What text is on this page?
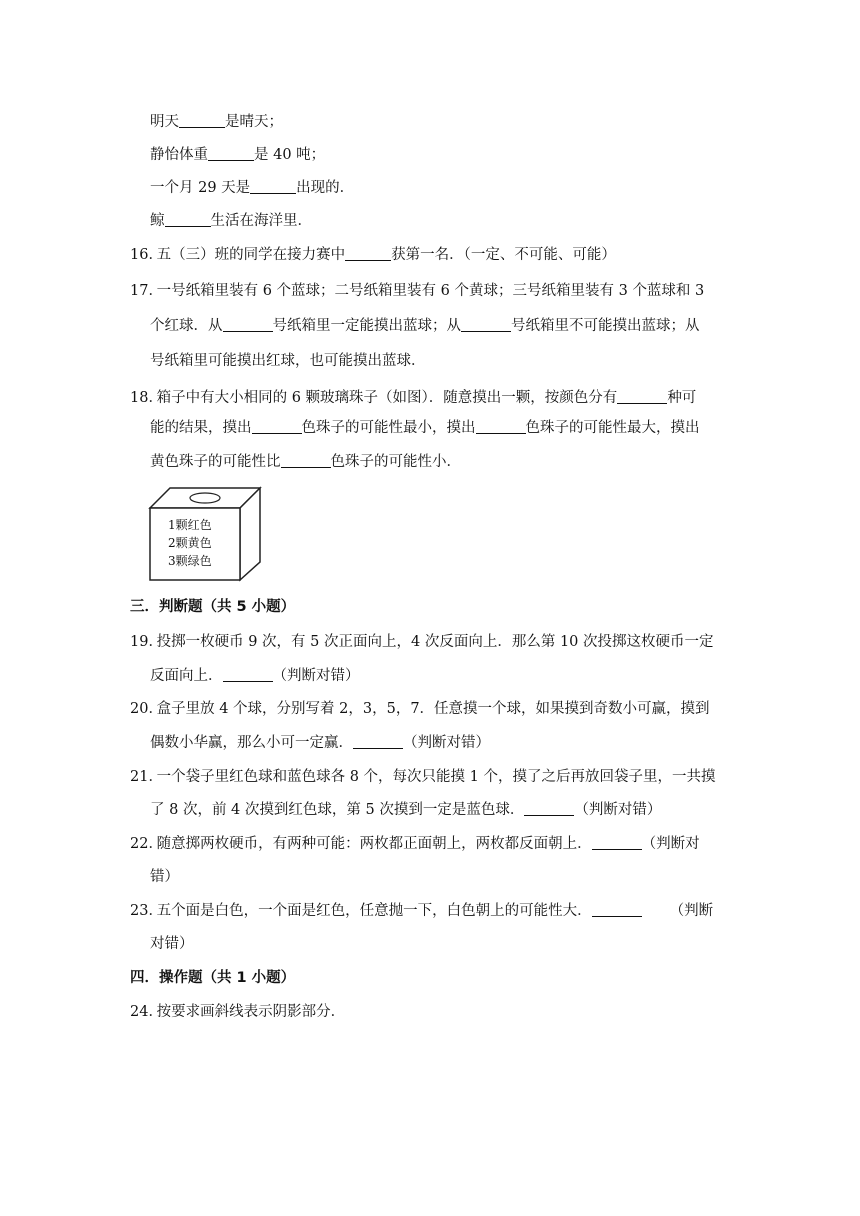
明天	是晴天；
静怡体重	是 40 吨；
一个月 29 天是	出现的．
鲸	生活在海洋里．
16． 五（三）班的同学在接力赛中	获第一名．（一定、不可能、可能）
17． 一号纸箱里装有 6 个蓝球；二号纸箱里装有 6 个黄球；三号纸箱里装有 3 个蓝球和 3
个红球．从	号纸箱里一定能摸出蓝球；从	号纸箱里不可能摸出蓝球；从
号纸箱里可能摸出红球，也可能摸出蓝球．
18． 箱子中有大小相同的 6 颗玻璃珠子（如图）．随意摸出一颗，按颜色分有	种可
能的结果，摸出	色珠子的可能性最小，摸出	色珠子的可能性最大，摸出
黄色珠子的可能性比	色珠子的可能性小．
1颗红色
2颗黄色
3颗绿色
三．判断题（共 5 小题）
19． 投掷一枚硬币 9 次，有 5 次正面向上，4 次反面向上．那么第 10 次投掷这枚硬币一定
反面向上．	（判断对错）
20． 盒子里放 4 个球，分别写着 2，3，5，7．任意摸一个球，如果摸到奇数小可赢，摸到
偶数小华赢，那么小可一定赢．	（判断对错）
21． 一个袋子里红色球和蓝色球各 8 个，每次只能摸 1 个，摸了之后再放回袋子里，一共摸
了 8 次，前 4 次摸到红色球，第 5 次摸到一定是蓝色球．	（判断对错）
22． 随意掷两枚硬币，有两种可能：两枚都正面朝上，两枚都反面朝上．	（判断对
错）
23． 五个面是白色，一个面是红色，任意抛一下，白色朝上的可能性大．	（判断
对错）
四．操作题（共 1 小题）
24． 按要求画斜线表示阴影部分．
